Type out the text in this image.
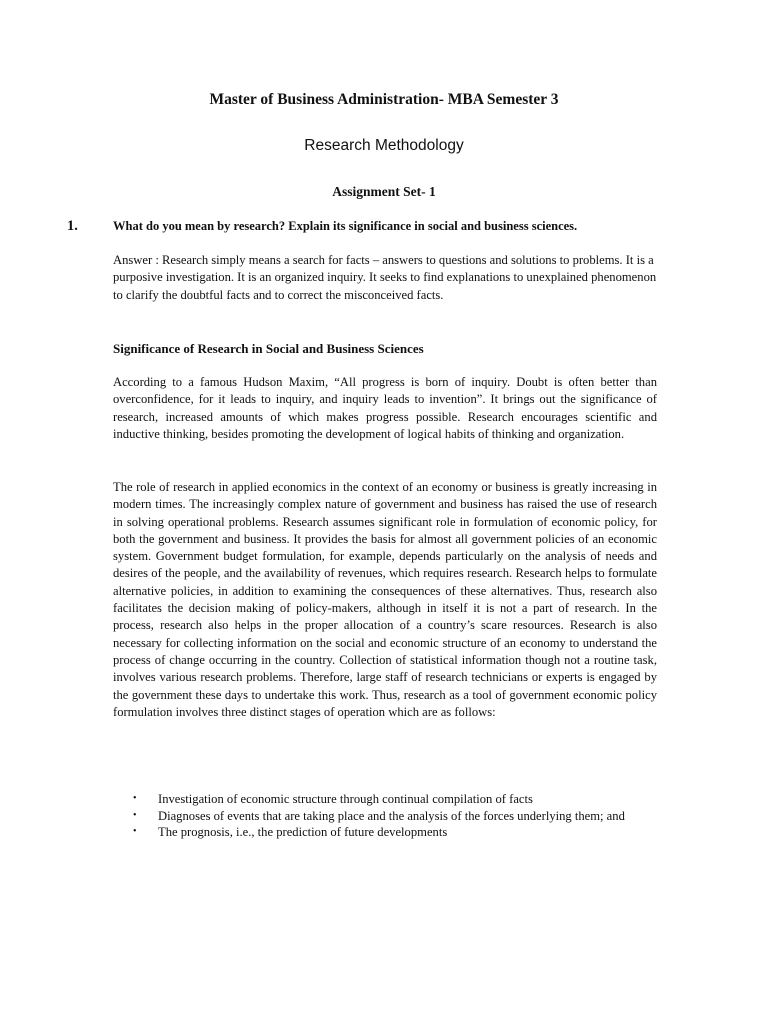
Master of Business Administration- MBA Semester 3
Research Methodology
Assignment Set- 1
1.	What do you mean by research? Explain its significance in social and business sciences.

Answer : Research simply means a search for facts – answers to questions and solutions to problems. It is a purposive investigation. It is an organized inquiry. It seeks to find explanations to unexplained phenomenon to clarify the doubtful facts and to correct the misconceived facts.

Significance of Research in Social and Business Sciences

According to a famous Hudson Maxim, “All progress is born of inquiry. Doubt is often better than overconfidence, for it leads to inquiry, and inquiry leads to invention”. It brings out the significance of research, increased amounts of which makes progress possible. Research encourages scientific and inductive thinking, besides promoting the development of logical habits of thinking and organization.

The role of research in applied economics in the context of an economy or business is greatly increasing in modern times. The increasingly complex nature of government and business has raised the use of research in solving operational problems. Research assumes significant role in formulation of economic policy, for both the government and business. It provides the basis for almost all government policies of an economic system. Government budget formulation, for example, depends particularly on the analysis of needs and desires of the people, and the availability of revenues, which requires research. Research helps to formulate alternative policies, in addition to examining the consequences of these alternatives. Thus, research also facilitates the decision making of policy-makers, although in itself it is not a part of research. In the process, research also helps in the proper allocation of a country’s scare resources. Research is also necessary for collecting information on the social and economic structure of an economy to understand the process of change occurring in the country. Collection of statistical information though not a routine task, involves various research problems. Therefore, large staff of research technicians or experts is engaged by the government these days to undertake this work. Thus, research as a tool of government economic policy formulation involves three distinct stages of operation which are as follows:

•	Investigation of economic structure through continual compilation of facts
•	Diagnoses of events that are taking place and the analysis of the forces underlying them; and
•	The prognosis, i.e., the prediction of future developments
